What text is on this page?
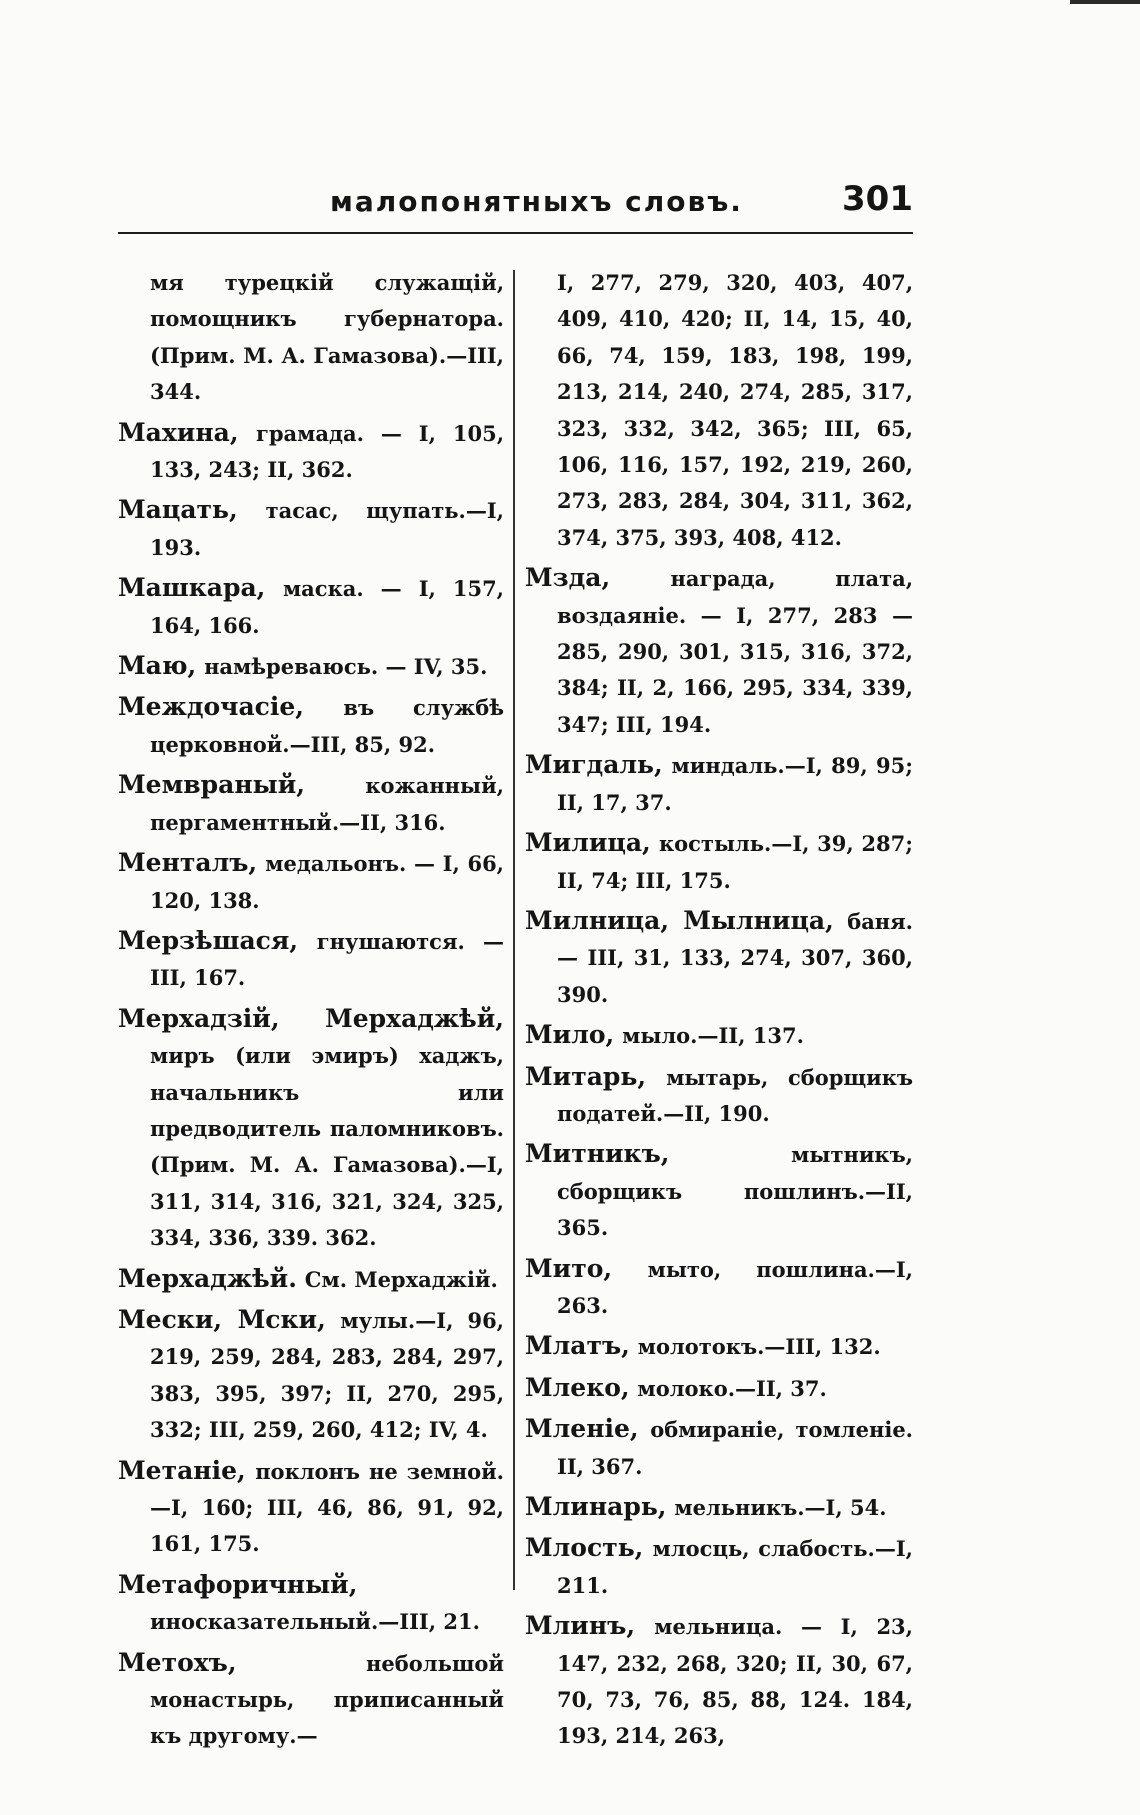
малопонятныхъ словъ.	301

мя турецкій служащій, помощникъ губернатора.(Прим. М. А. Гамазова).—III, 344.

Махина, грамада. — I, 105, 133, 243; II, 362.

Мацать, тасас, щупать.—I, 193.

Машкара, маска. — I, 157, 164, 166.

Маю, намѣреваюсь. — IV, 35.

Междочасіе, въ службѣ церковной.—III, 85, 92.

Мемвраный,	кожанный, пергаментный.—II, 316.

Менталъ, медальонъ. — I, 66, 120, 138.

Мерзѣшася, гнушаются. — III, 167.

Мерхадзій, Мерхаджѣй, миръ (или эмиръ) хаджъ, начальникъ или предводитель паломниковъ. (Прим. М. А. Гамазова).—I, 311, 314, 316, 321, 324, 325, 334, 336, 339. 362.

Мерхаджѣй. См. Мерхаджій.

Мески, Мски, мулы.—I, 96, 219, 259, 284, 283, 284, 297, 383, 395, 397; II, 270, 295, 332; III, 259, 260, 412; IV, 4.

Метаніе, поклонъ не земной. —I, 160; III, 46, 86, 91, 92, 161, 175.

Метафоричный, иносказательный.—III, 21.

Метохъ,	небольшой монастырь, приписанный къ другому.—

I, 277, 279, 320, 403, 407, 409, 410, 420; II, 14, 15, 40, 66, 74, 159, 183, 198, 199, 213, 214, 240, 274, 285, 317, 323, 332, 342, 365; III, 65, 106, 116, 157, 192, 219, 260, 273, 283, 284, 304, 311, 362, 374, 375, 393, 408, 412.

Мзда,	награда, плата, воздаяніе. — I, 277, 283 — 285, 290, 301, 315, 316, 372, 384; II, 2, 166, 295, 334, 339, 347; III, 194.

Мигдаль, миндаль.—I, 89, 95; II, 17, 37.

Милица, костыль.—I, 39, 287; II, 74; III, 175.

Милница, Мылница, баня.— III, 31, 133, 274, 307, 360, 390.

Мило, мыло.—II, 137.

Митарь, мытарь, сборщикъ податей.—II, 190.

Митникъ,	мытникъ, сборщикъ пошлинъ.—II, 365.

Мито, мыто, пошлина.—I, 263.

Млатъ, молотокъ.—III, 132.

Млеко, молоко.—II, 37.

Мленіе, обмираніе, томленіе. II, 367.

Млинарь, мельникъ.—I, 54.

Млость, млосць, слабость.—I, 211.

Млинъ, мельница. — I, 23, 147, 232, 268, 320; II, 30, 67, 70, 73, 76, 85, 88, 124. 184, 193, 214, 263,
